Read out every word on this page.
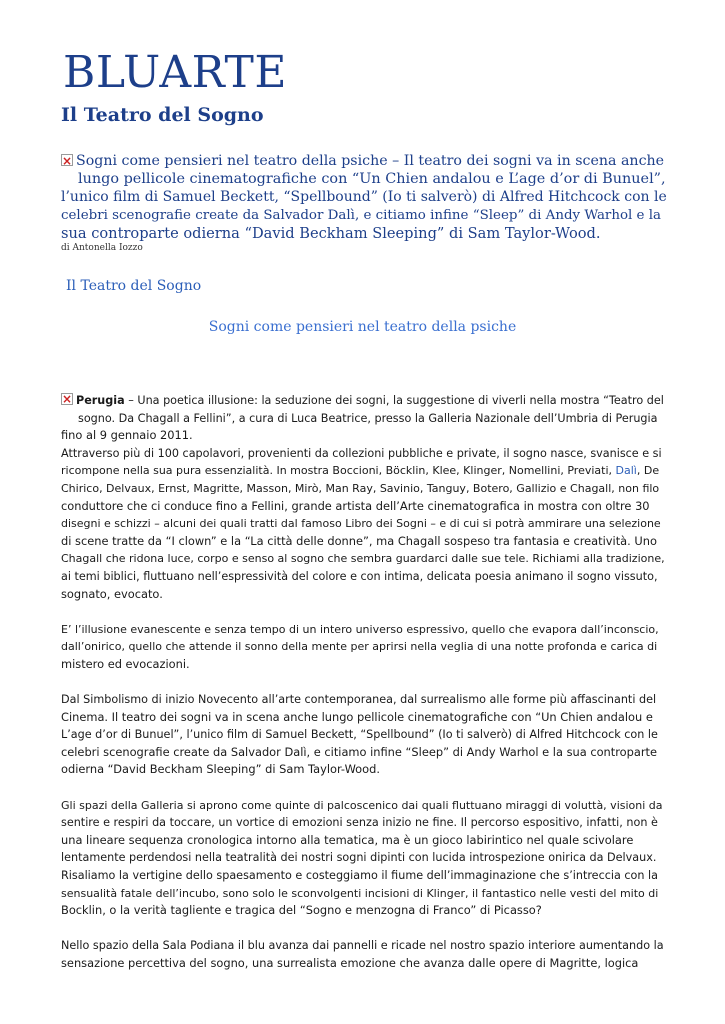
BLUARTE
Il Teatro del Sogno
×Sogni come pensieri nel teatro della psiche – Il teatro dei sogni va in scena anche
lungo pellicole cinematografiche con “Un Chien andalou e L’age d’or di Bunuel”,
l’unico film di Samuel Beckett, “Spellbound” (Io ti salverò) di Alfred Hitchcock con le
celebri scenografie create da Salvador Dalì, e citiamo infine “Sleep” di Andy Warhol e la
sua controparte odierna “David Beckham Sleeping” di Sam Taylor-Wood.
di Antonella Iozzo
Il Teatro del Sogno
Sogni come pensieri nel teatro della psiche
×Perugia – Una poetica illusione: la seduzione dei sogni, la suggestione di viverli nella mostra “Teatro del
sogno. Da Chagall a Fellini”, a cura di Luca Beatrice, presso la Galleria Nazionale dell’Umbria di Perugia
fino al 9 gennaio 2011.
Attraverso più di 100 capolavori, provenienti da collezioni pubbliche e private, il sogno nasce, svanisce e si
ricompone nella sua pura essenzialità. In mostra Boccioni, Böcklin, Klee, Klinger, Nomellini, Previati, Dalì, De
Chirico, Delvaux, Ernst, Magritte, Masson, Mirò, Man Ray, Savinio, Tanguy, Botero, Gallizio e Chagall, non filo
conduttore che ci conduce fino a Fellini, grande artista dell’Arte cinematografica in mostra con oltre 30
disegni e schizzi – alcuni dei quali tratti dal famoso Libro dei Sogni – e di cui si potrà ammirare una selezione
di scene tratte da “I clown” e la “La città delle donne”, ma Chagall sospeso tra fantasia e creatività. Uno
Chagall che ridona luce, corpo e senso al sogno che sembra guardarci dalle sue tele. Richiami alla tradizione,
ai temi biblici, fluttuano nell’espressività del colore e con intima, delicata poesia animano il sogno vissuto,
sognato, evocato.
E’ l’illusione evanescente e senza tempo di un intero universo espressivo, quello che evapora dall’inconscio,
dall’onirico, quello che attende il sonno della mente per aprirsi nella veglia di una notte profonda e carica di
mistero ed evocazioni.
Dal Simbolismo di inizio Novecento all’arte contemporanea, dal surrealismo alle forme più affascinanti del
Cinema. Il teatro dei sogni va in scena anche lungo pellicole cinematografiche con “Un Chien andalou e
L’age d’or di Bunuel”, l’unico film di Samuel Beckett, “Spellbound” (Io ti salverò) di Alfred Hitchcock con le
celebri scenografie create da Salvador Dalì, e citiamo infine “Sleep” di Andy Warhol e la sua controparte
odierna “David Beckham Sleeping” di Sam Taylor-Wood.
Gli spazi della Galleria si aprono come quinte di palcoscenico dai quali fluttuano miraggi di voluttà, visioni da
sentire e respiri da toccare, un vortice di emozioni senza inizio ne fine. Il percorso espositivo, infatti, non è
una lineare sequenza cronologica intorno alla tematica, ma è un gioco labirintico nel quale scivolare
lentamente perdendosi nella teatralità dei nostri sogni dipinti con lucida introspezione onirica da Delvaux.
Risaliamo la vertigine dello spaesamento e costeggiamo il fiume dell’immaginazione che s’intreccia con la
sensualità fatale dell’incubo, sono solo le sconvolgenti incisioni di Klinger, il fantastico nelle vesti del mito di
Bocklin, o la verità tagliente e tragica del “Sogno e menzogna di Franco” di Picasso?
Nello spazio della Sala Podiana il blu avanza dai pannelli e ricade nel nostro spazio interiore aumentando la
sensazione percettiva del sogno, una surrealista emozione che avanza dalle opere di Magritte, logica
